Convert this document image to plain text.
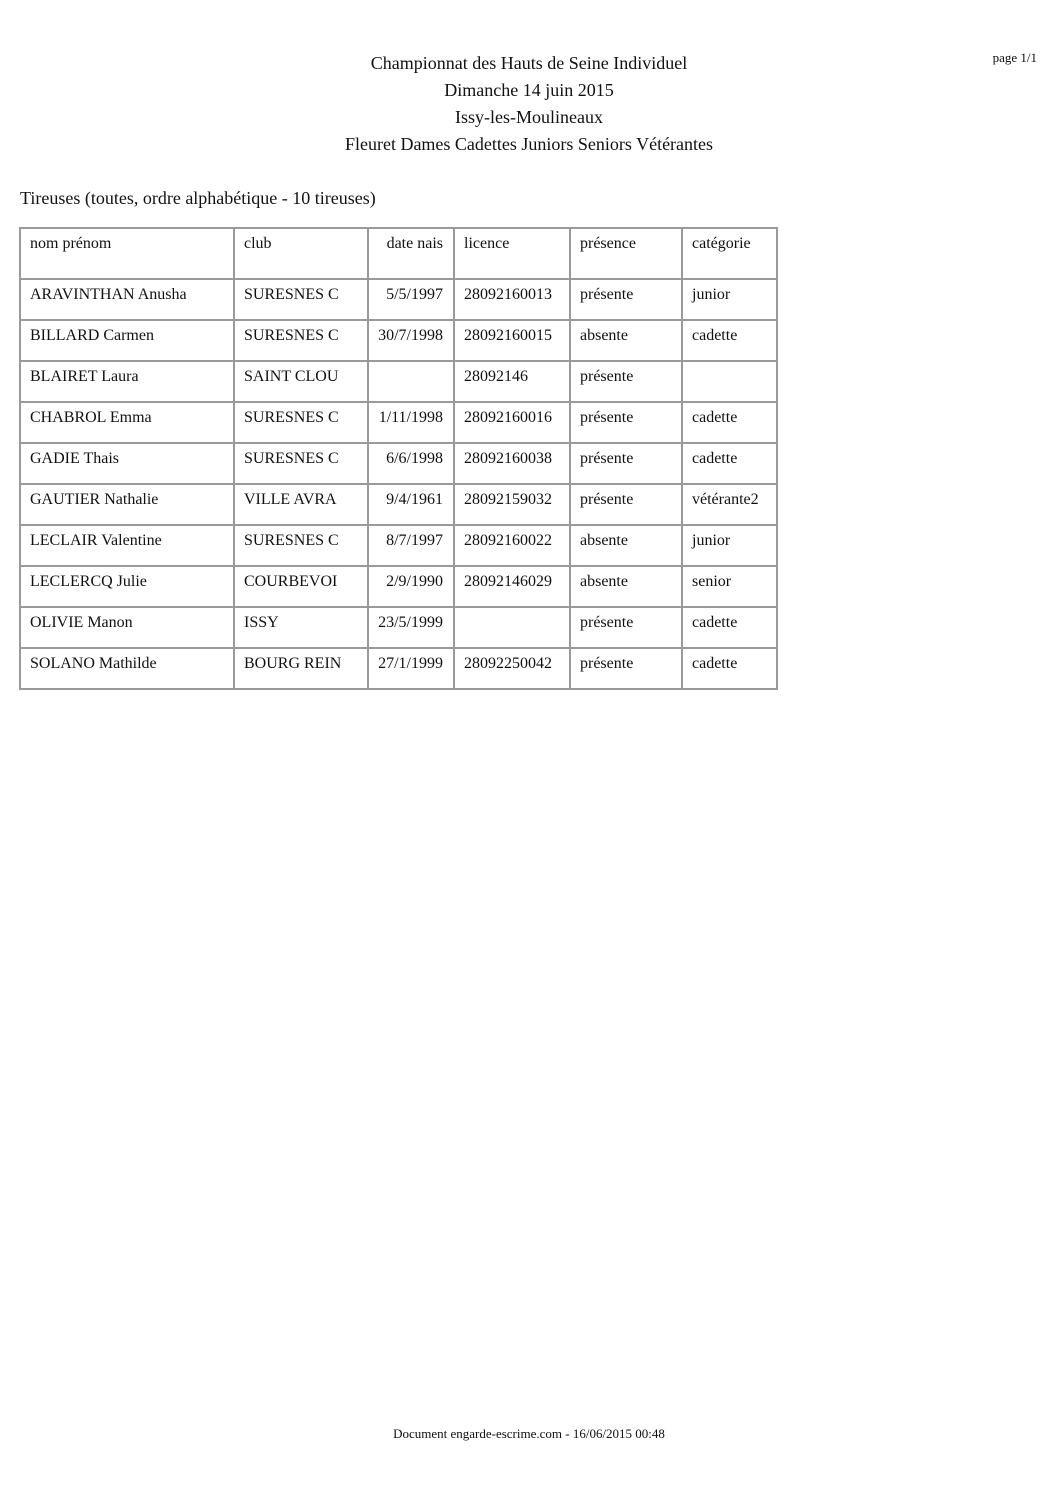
page 1/1
Championnat des Hauts de Seine Individuel
Dimanche 14 juin 2015
Issy-les-Moulineaux
Fleuret Dames Cadettes Juniors Seniors Vétérantes
Tireuses (toutes, ordre alphabétique - 10 tireuses)
nom prénom	club	date nais	licence	présence	catégorie
ARAVINTHAN Anusha	SURESNES C	5/5/1997	28092160013	présente	junior
BILLARD Carmen	SURESNES C	30/7/1998	28092160015	absente	cadette
BLAIRET Laura	SAINT CLOU		28092146	présente	
CHABROL Emma	SURESNES C	1/11/1998	28092160016	présente	cadette
GADIE Thais	SURESNES C	6/6/1998	28092160038	présente	cadette
GAUTIER Nathalie	VILLE AVRA	9/4/1961	28092159032	présente	vétérante2
LECLAIR Valentine	SURESNES C	8/7/1997	28092160022	absente	junior
LECLERCQ Julie	COURBEVOI	2/9/1990	28092146029	absente	senior
OLIVIE Manon	ISSY	23/5/1999		présente	cadette
SOLANO Mathilde	BOURG REIN	27/1/1999	28092250042	présente	cadette
Document engarde-escrime.com - 16/06/2015 00:48
